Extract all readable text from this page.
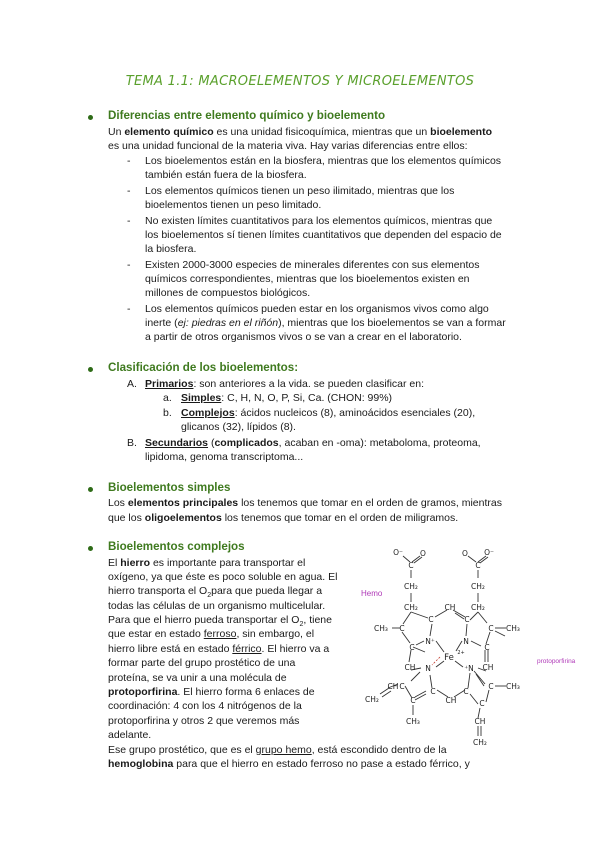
TEMA 1.1: MACROELEMENTOS Y MICROELEMENTOS
Diferencias entre elemento químico y bioelemento
Un elemento químico es una unidad fisicoquímica, mientras que un bioelemento
es una unidad funcional de la materia viva. Hay varias diferencias entre ellos:
- Los bioelementos están en la biosfera, mientras que los elementos químicos
también están fuera de la biosfera.
- Los elementos químicos tienen un peso ilimitado, mientras que los
bioelementos tienen un peso limitado.
- No existen límites cuantitativos para los elementos químicos, mientras que
los bioelementos sí tienen límites cuantitativos que dependen del espacio de
la biosfera.
- Existen 2000-3000 especies de minerales diferentes con sus elementos
químicos correspondientes, mientras que los bioelementos existen en
millones de compuestos biológicos.
- Los elementos químicos pueden estar en los organismos vivos como algo
inerte (ej: piedras en el riñón), mientras que los bioelementos se van a formar
a partir de otros organismos vivos o se van a crear en el laboratorio.
Clasificación de los bioelementos:
A. Primarios: son anteriores a la vida. se pueden clasificar en:
a. Simples: C, H, N, O, P, Si, Ca. (CHON: 99%)
b. Complejos: ácidos nucleicos (8), aminoácidos esenciales (20),
glicanos (32), lípidos (8).
B. Secundarios (complicados, acaban en -oma): metaboloma, proteoma,
lipidoma, genoma transcriptoma...
Bioelementos simples
Los elementos principales los tenemos que tomar en el orden de gramos, mientras
que los oligoelementos los tenemos que tomar en el orden de miligramos.
Bioelementos complejos
El hierro es importante para transportar el
oxígeno, ya que éste es poco soluble en agua. El
hierro transporta el $O_2para$ que pueda llegar a
todas las células de un organismo multicelular.
Para que el hierro pueda transportar el $O_2$, tiene
que estar en estado ferroso, sin embargo, el
hierro libre está en estado férrico. El hierro va a
formar parte del grupo prostético de una
proteína, se va unir a una molécula de
protoporfirina. El hierro forma 6 enlaces de
coordinación: 4 con los 4 nitrógenos de la
protoporfirina y otros 2 que veremos más
adelante.
Ese grupo prostético, que es el grupo hemo, está escondido dentro de la
hemoglobina para que el hierro en estado ferroso no pase a estado férrico, y
Hemo
protoporfirina
O⁻ O
C
CH₂
CH₂
O O⁻
C
CH₂
CH₂
CH₃ C
C
CH
C
C CH₃
C
N⁺	N
C
CH	CH
N	⁺N
C
C
CH
C
C CH₃
C	C
CH
CH₂
CH₃	CH
CH₂
Fe 2+
